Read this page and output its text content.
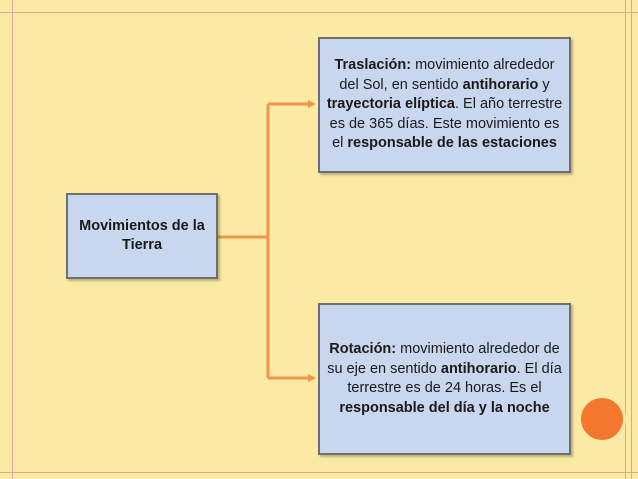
Movimientos de la Tierra
Traslación: movimiento alrededor del Sol, en sentido antihorario y trayectoria elíptica. El año terrestre es de 365 días. Este movimiento es el responsable de las estaciones
Rotación: movimiento alrededor de su eje en sentido antihorario. El día terrestre es de 24 horas. Es el responsable del día y la noche
